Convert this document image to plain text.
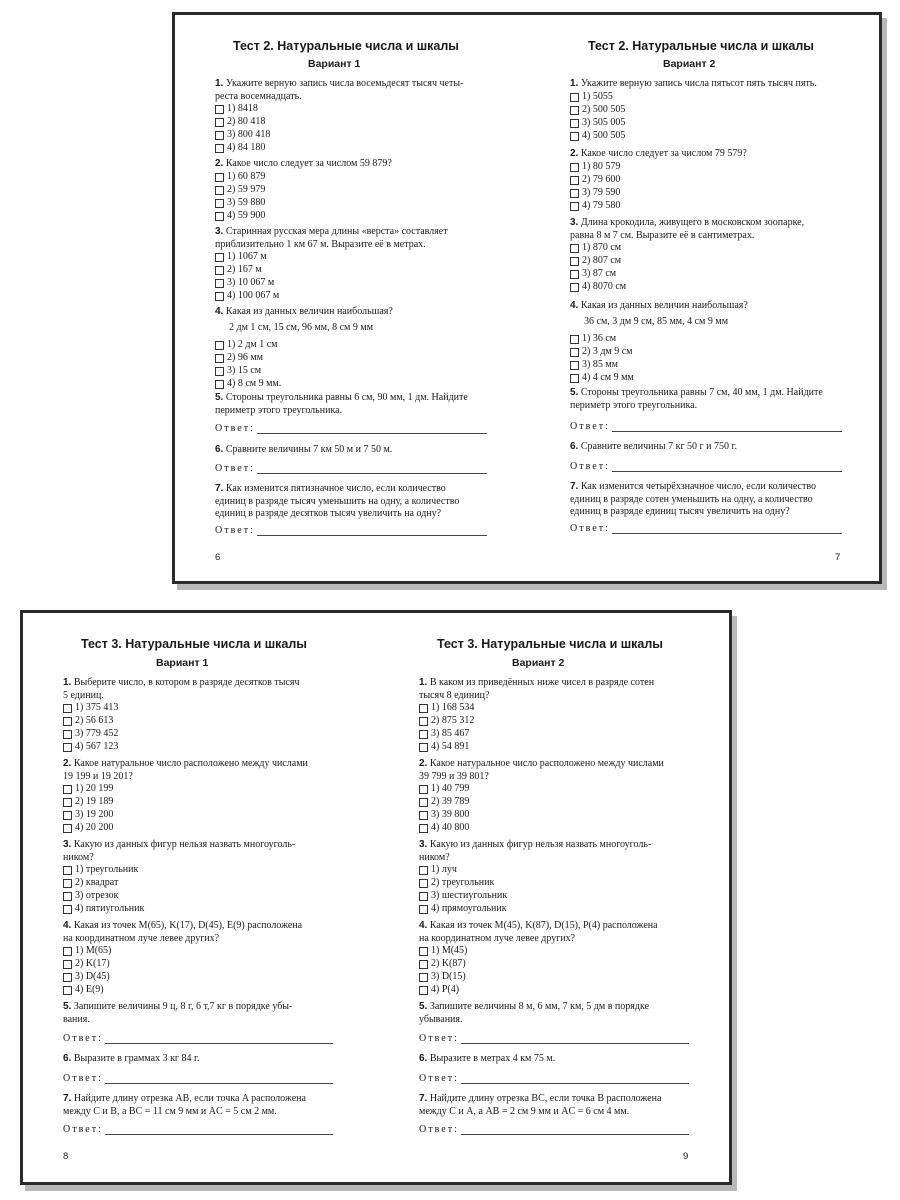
Тест 2. Натуральные числа и шкалы
Вариант 1
1. Укажите верную запись числа восемьдесят тысяч четы-
реста восемнадцать.
1) 8418
2) 80 418
3) 800 418
4) 84 180
2. Какое число следует за числом 59 879?
1) 60 879
2) 59 979
3) 59 880
4) 59 900
3. Старинная русская мера длины «верста» составляет
приблизительно 1 км 67 м. Выразите её в метрах.
1) 1067 м
2) 167 м
3) 10 067 м
4) 100 067 м
4. Какая из данных величин наибольшая?
2 дм 1 см, 15 см, 96 мм, 8 см 9 мм
1) 2 дм 1 см
2) 96 мм
3) 15 см
4) 8 см 9 мм.
5. Стороны треугольника равны 6 см, 90 мм, 1 дм. Найдите
периметр этого треугольника.
Ответ:
6. Сравните величины 7 км 50 м и 7 50 м.
Ответ:
7. Как изменится пятизначное число, если количество
единиц в разряде тысяч уменьшить на одну, а количество
единиц в разряде десятков тысяч увеличить на одну?
Ответ:
6
Тест 2. Натуральные числа и шкалы
Вариант 2
1. Укажите верную запись числа пятьсот пять тысяч пять.
1) 5055
2) 500 505
3) 505 005
4) 500 505
2. Какое число следует за числом 79 579?
1) 80 579
2) 79 600
3) 79 590
4) 79 580
3. Длина крокодила, живущего в московском зоопарке,
равна 8 м 7 см. Выразите её в сантиметрах.
1) 870 см
2) 807 см
3) 87 см
4) 8070 см
4. Какая из данных величин наибольшая?
36 см, 3 дм 9 см, 85 мм, 4 см 9 мм
1) 36 см
2) 3 дм 9 см
3) 85 мм
4) 4 см 9 мм
5. Стороны треугольника равны 7 см, 40 мм, 1 дм. Найдите
периметр этого треугольника.
Ответ:
6. Сравните величины 7 кг 50 г и 750 г.
Ответ:
7. Как изменится четырёхзначное число, если количество
единиц в разряде сотен уменьшить на одну, а количество
единиц в разряде единиц тысяч увеличить на одну?
Ответ:
7
Тест 3. Натуральные числа и шкалы
Вариант 1
1. Выберите число, в котором в разряде десятков тысяч
5 единиц.
1) 375 413
2) 56 613
3) 779 452
4) 567 123
2. Какое натуральное число расположено между числами
19 199 и 19 201?
1) 20 199
2) 19 189
3) 19 200
4) 20 200
3. Какую из данных фигур нельзя назвать многоуголь-
ником?
1) треугольник
2) квадрат
3) отрезок
4) пятиугольник
4. Какая из точек M(65), K(17), D(45), E(9) расположена
на координатном луче левее других?
1) M(65)
2) K(17)
3) D(45)
4) E(9)
5. Запишите величины 9 ц, 8 г, 6 т,7 кг в порядке убы-
вания.
Ответ:
6. Выразите в граммах 3 кг 84 г.
Ответ:
7. Найдите длину отрезка AB, если точка A расположена
между C и B, а BC = 11 см 9 мм и AC = 5 см 2 мм.
Ответ:
8
Тест 3. Натуральные числа и шкалы
Вариант 2
1. В каком из приведённых ниже чисел в разряде сотен
тысяч 8 единиц?
1) 168 534
2) 875 312
3) 85 467
4) 54 891
2. Какое натуральное число расположено между числами
39 799 и 39 801?
1) 40 799
2) 39 789
3) 39 800
4) 40 800
3. Какую из данных фигур нельзя назвать многоуголь-
ником?
1) луч
2) треугольник
3) шестиугольник
4) прямоугольник
4. Какая из точек M(45), K(87), D(15), P(4) расположена
на координатном луче левее других?
1) M(45)
2) K(87)
3) D(15)
4) P(4)
5. Запишите величины 8 м, 6 мм, 7 км, 5 дм в порядке
убывания.
Ответ:
6. Выразите в метрах 4 км 75 м.
Ответ:
7. Найдите длину отрезка BC, если точка B расположена
между C и A, а AB = 2 см 9 мм и AC = 6 см 4 мм.
Ответ:
9
